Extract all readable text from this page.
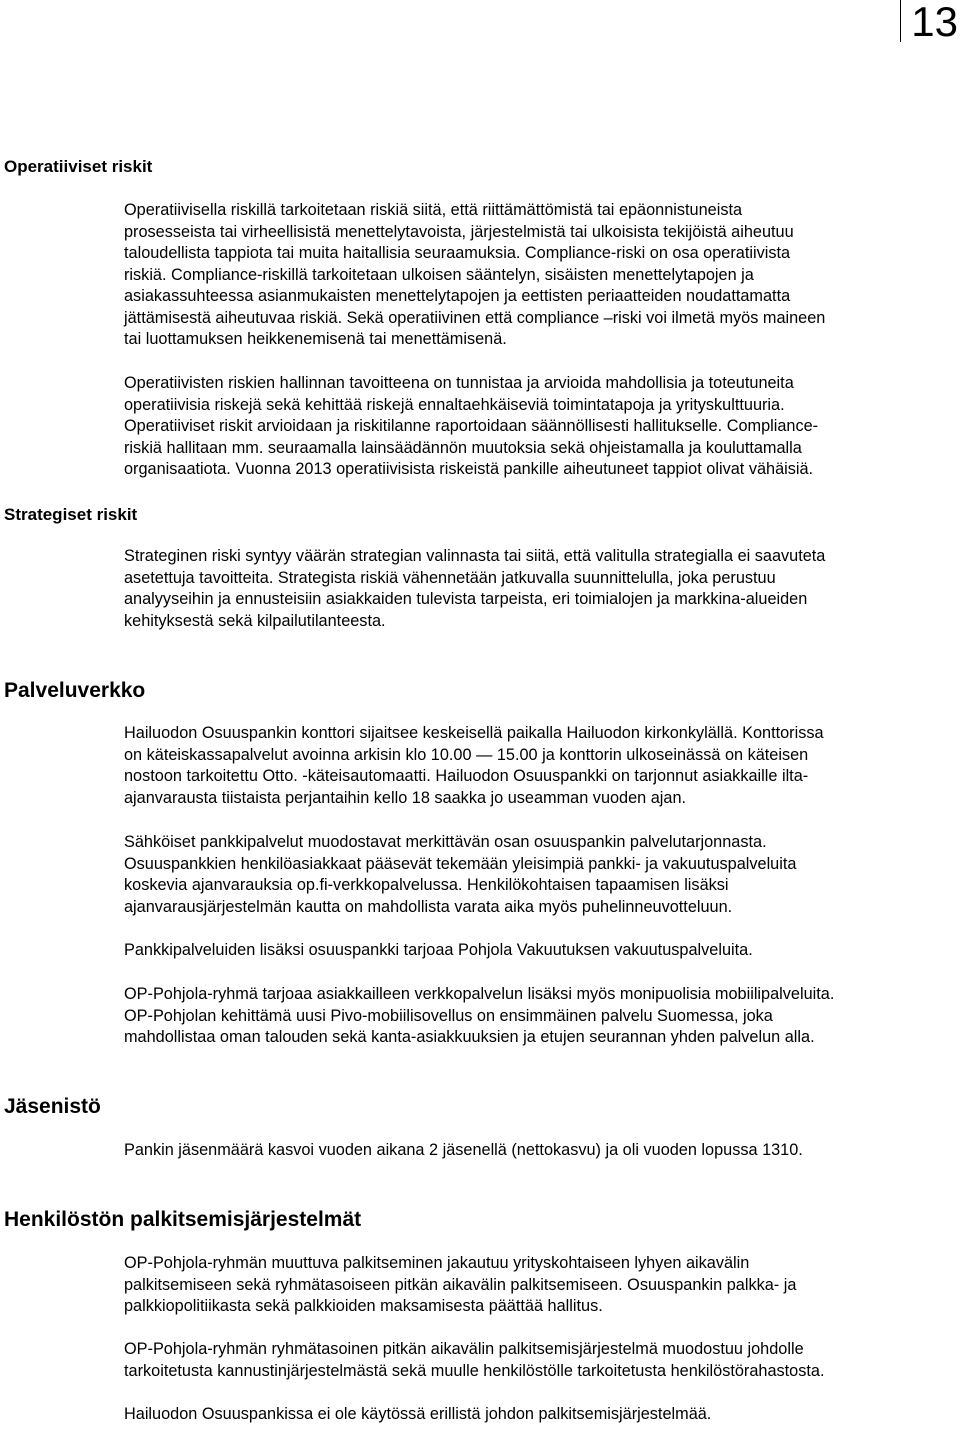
13
Operatiiviset riskit

Operatiivisella riskillä tarkoitetaan riskiä siitä, että riittämättömistä tai epäonnistuneista
prosesseista tai virheellisistä menettelytavoista, järjestelmistä tai ulkoisista tekijöistä aiheutuu
taloudellista tappiota tai muita haitallisia seuraamuksia. Compliance-riski on osa operatiivista
riskiä. Compliance-riskillä tarkoitetaan ulkoisen sääntelyn, sisäisten menettelytapojen ja
asiakassuhteessa asianmukaisten menettelytapojen ja eettisten periaatteiden noudattamatta
jättämisestä aiheutuvaa riskiä. Sekä operatiivinen että compliance –riski voi ilmetä myös maineen
tai luottamuksen heikkenemisenä tai menettämisenä.

Operatiivisten riskien hallinnan tavoitteena on tunnistaa ja arvioida mahdollisia ja toteutuneita
operatiivisia riskejä sekä kehittää riskejä ennaltaehkäiseviä toimintatapoja ja yrityskulttuuria.
Operatiiviset riskit arvioidaan ja riskitilanne raportoidaan säännöllisesti hallitukselle. Compliance-
riskiä hallitaan mm. seuraamalla lainsäädännön muutoksia sekä ohjeistamalla ja kouluttamalla
organisaatiota. Vuonna 2013 operatiivisista riskeistä pankille aiheutuneet tappiot olivat vähäisiä.

Strategiset riskit

Strateginen riski syntyy väärän strategian valinnasta tai siitä, että valitulla strategialla ei saavuteta
asetettuja tavoitteita. Strategista riskiä vähennetään jatkuvalla suunnittelulla, joka perustuu
analyyseihin ja ennusteisiin asiakkaiden tulevista tarpeista, eri toimialojen ja markkina-alueiden
kehityksestä sekä kilpailutilanteesta.

Palveluverkko

Hailuodon Osuuspankin konttori sijaitsee keskeisellä paikalla Hailuodon kirkonkylällä. Konttorissa
on käteiskassapalvelut avoinna arkisin klo 10.00 — 15.00 ja konttorin ulkoseinässä on käteisen
nostoon tarkoitettu Otto. -käteisautomaatti. Hailuodon Osuuspankki on tarjonnut asiakkaille ilta-
ajanvarausta tiistaista perjantaihin kello 18 saakka jo useamman vuoden ajan.

Sähköiset pankkipalvelut muodostavat merkittävän osan osuuspankin palvelutarjonnasta.
Osuuspankkien henkilöasiakkaat pääsevät tekemään yleisimpiä pankki- ja vakuutuspalveluita
koskevia ajanvarauksia op.fi-verkkopalvelussa. Henkilökohtaisen tapaamisen lisäksi
ajanvarausjärjestelmän kautta on mahdollista varata aika myös puhelinneuvotteluun.

Pankkipalveluiden lisäksi osuuspankki tarjoaa Pohjola Vakuutuksen vakuutuspalveluita.

OP-Pohjola-ryhmä tarjoaa asiakkailleen verkkopalvelun lisäksi myös monipuolisia mobiilipalveluita.
OP-Pohjolan kehittämä uusi Pivo-mobiilisovellus on ensimmäinen palvelu Suomessa, joka
mahdollistaa oman talouden sekä kanta-asiakkuuksien ja etujen seurannan yhden palvelun alla.

Jäsenistö

Pankin jäsenmäärä kasvoi vuoden aikana 2 jäsenellä (nettokasvu) ja oli vuoden lopussa 1310.

Henkilöstön palkitsemisjärjestelmät

OP-Pohjola-ryhmän muuttuva palkitseminen jakautuu yrityskohtaiseen lyhyen aikavälin
palkitsemiseen sekä ryhmätasoiseen pitkän aikavälin palkitsemiseen. Osuuspankin palkka- ja
palkkiopolitiikasta sekä palkkioiden maksamisesta päättää hallitus.

OP-Pohjola-ryhmän ryhmätasoinen pitkän aikavälin palkitsemisjärjestelmä muodostuu johdolle
tarkoitetusta kannustinjärjestelmästä sekä muulle henkilöstölle tarkoitetusta henkilöstörahastosta.

Hailuodon Osuuspankissa ei ole käytössä erillistä johdon palkitsemisjärjestelmää.
